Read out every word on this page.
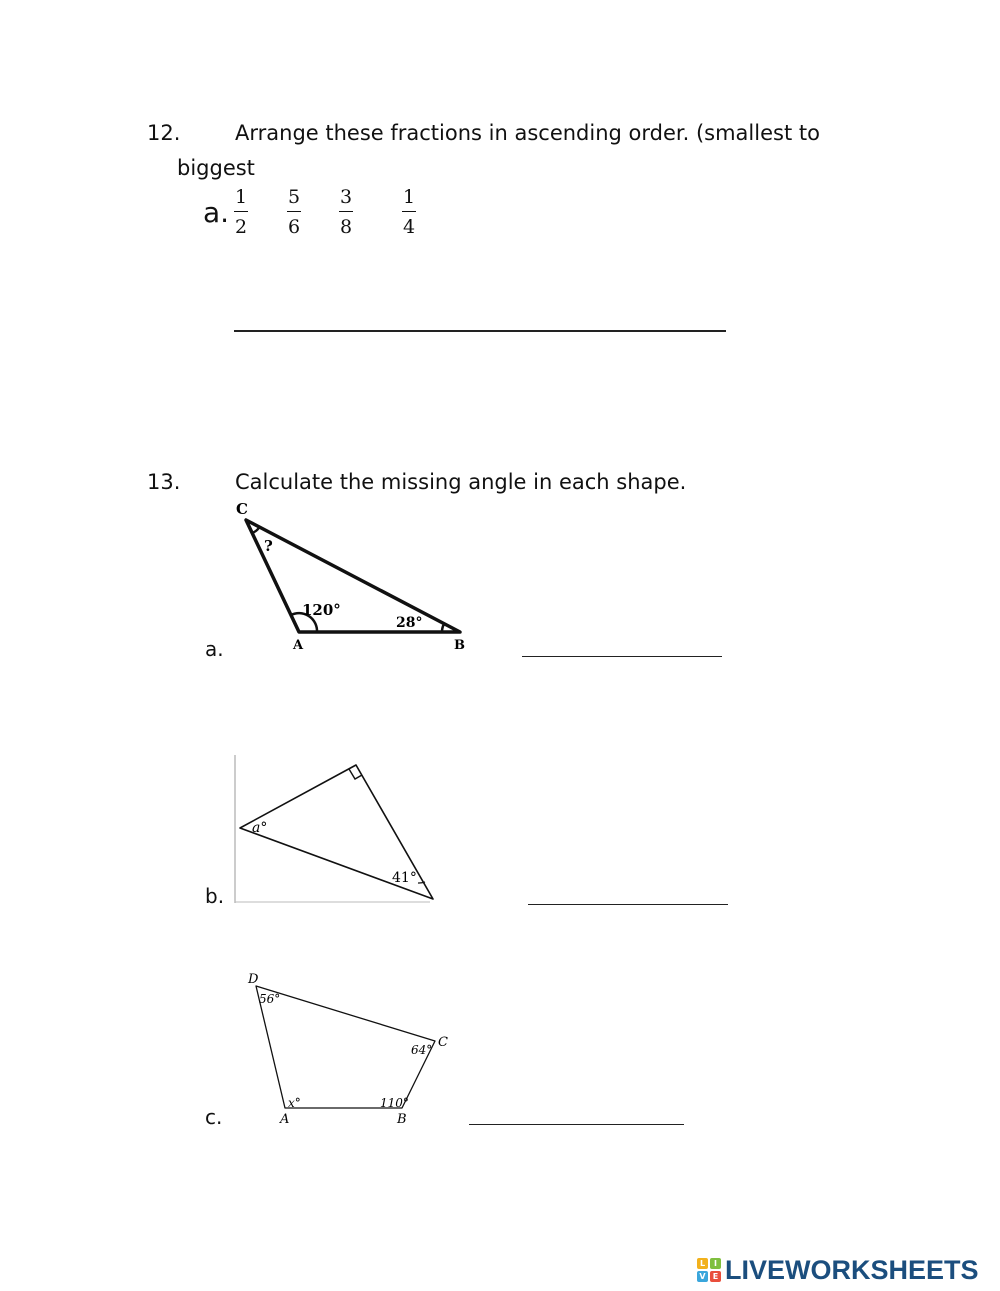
12.	Arrange these fractions in ascending order. (smallest to
biggest
a. 1
2
5
6
3
8
1
4
13.	Calculate the missing angle in each shape.
a.
C
A	B
?
120°
28°
b.
a°
41°
c.
D
C
A	B
56°
64°
x°	110°
L	I
V E LIVEWORKSHEETS
